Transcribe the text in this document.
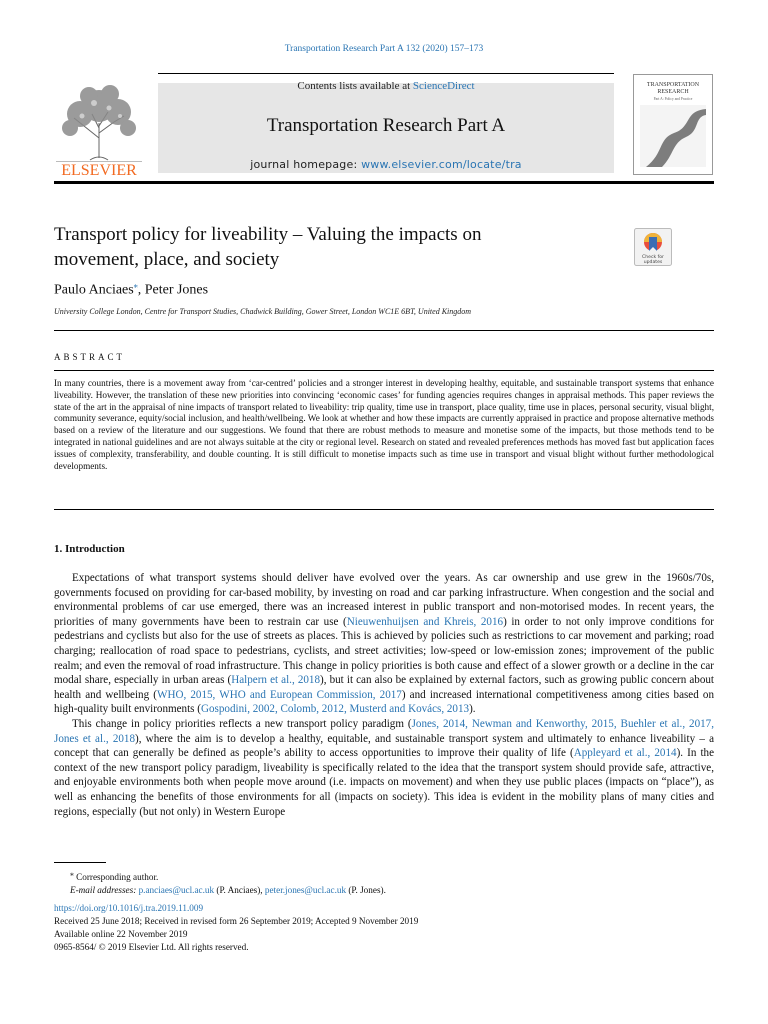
Transportation Research Part A 132 (2020) 157–173
ELSEVIER
Contents lists available at ScienceDirect
Transportation Research Part A
journal homepage: www.elsevier.com/locate/tra
TRANSPORTATION
RESEARCH
Part A: Policy and Practice
Transport policy for liveability – Valuing the impacts on
movement, place, and society	Check for
updates
Paulo Anciaes⁎, Peter Jones
University College London, Centre for Transport Studies, Chadwick Building, Gower Street, London WC1E 6BT, United Kingdom
ABSTRACT
In many countries, there is a movement away from ‘car-centred’ policies and a stronger interest in developing healthy, equitable, and sustainable transport systems that enhance liveability. However, the translation of these new priorities into convincing ‘economic cases’ for funding agencies requires changes in appraisal methods. This paper reviews the state of the art in the appraisal of nine impacts of transport related to liveability: trip quality, time use in transport, place quality, time use in places, personal security, visual blight, community severance, equity/social inclusion, and health/wellbeing. We look at whether and how these impacts are currently appraised in practice and propose alternative methods based on a review of the literature and our suggestions. We found that there are robust methods to measure and monetise some of the impacts, but those methods tend to be integrated in national guidelines and are not always suitable at the city or regional level. Research on stated and revealed preferences methods has moved fast but application faces issues of complexity, transferability, and double counting. It is still difficult to monetise impacts such as time use in transport and visual blight without further methodological developments.
1. Introduction

Expectations of what transport systems should deliver have evolved over the years. As car ownership and use grew in the 1960s/70s, governments focused on providing for car-based mobility, by investing on road and car parking infrastructure. When congestion and the social and environmental problems of car use emerged, there was an increased interest in public transport and non-motorised modes. In recent years, the priorities of many governments have been to restrain car use (Nieuwenhuijsen and Khreis, 2016) in order to not only improve conditions for pedestrians and cyclists but also for the use of streets as places. This is achieved by policies such as restrictions to car movement and parking; road charging; reallocation of road space to pedestrians, cyclists, and street activities; low-speed or low-emission zones; improvement of the public realm; and even the removal of road infrastructure. This change in policy priorities is both cause and effect of a slower growth or a decline in the car modal share, especially in urban areas (Halpern et al., 2018), but it can also be explained by external factors, such as growing public concern about health and wellbeing (WHO, 2015, WHO and European Commission, 2017) and increased international competitiveness among cities based on high-quality built environments (Gospodini, 2002, Colomb, 2012, Musterd and Kovács, 2013).

This change in policy priorities reflects a new transport policy paradigm (Jones, 2014, Newman and Kenworthy, 2015, Buehler et al., 2017, Jones et al., 2018), where the aim is to develop a healthy, equitable, and sustainable transport system and ultimately to enhance liveability – a concept that can generally be defined as people’s ability to access opportunities to improve their quality of life (Appleyard et al., 2014). In the context of the new transport policy paradigm, liveability is specifically related to the idea that the transport system should provide safe, attractive, and enjoyable environments both when people move around (i.e. impacts on movement) and when they use public places (impacts on “place”), as well as enhancing the benefits of those environments for all (impacts on society). This idea is evident in the mobility plans of many cities and regions, especially (but not only) in Western Europe

⁎ Corresponding author.
E-mail addresses: p.anciaes@ucl.ac.uk (P. Anciaes), peter.jones@ucl.ac.uk (P. Jones).
https://doi.org/10.1016/j.tra.2019.11.009
Received 25 June 2018; Received in revised form 26 September 2019; Accepted 9 November 2019
Available online 22 November 2019
0965-8564/ © 2019 Elsevier Ltd. All rights reserved.
